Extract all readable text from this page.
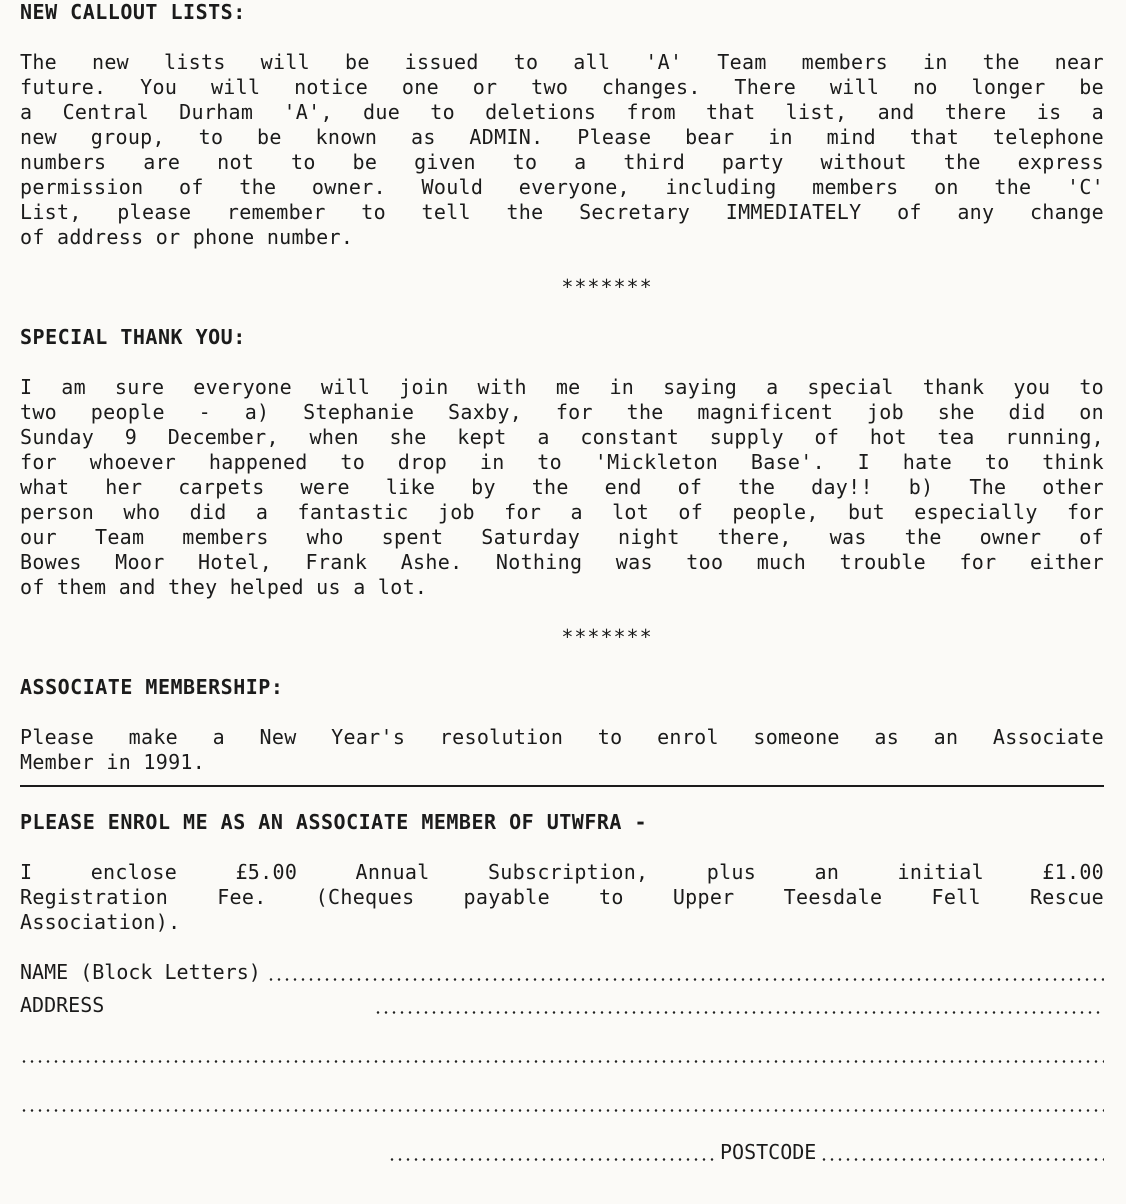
NEW CALLOUT LISTS:
The new lists will be issued to all 'A' Team members in the near
future. You will notice one or two changes. There will no longer be
a Central Durham 'A', due to deletions from that list, and there is a
new group, to be known as ADMIN. Please bear in mind that telephone
numbers are not to be given to a third party without the express
permission of the owner. Would everyone, including members on the 'C'
List, please remember to tell the Secretary IMMEDIATELY of any change
of address or phone number.
*******
SPECIAL THANK YOU:
I am sure everyone will join with me in saying a special thank you to
two people - a) Stephanie Saxby, for the magnificent job she did on
Sunday 9 December, when she kept a constant supply of hot tea running,
for whoever happened to drop in to 'Mickleton Base'. I hate to think
what her carpets were like by the end of the day!! b) The other
person who did a fantastic job for a lot of people, but especially for
our Team members who spent Saturday night there, was the owner of
Bowes Moor Hotel, Frank Ashe. Nothing was too much trouble for either
of them and they helped us a lot.
*******
ASSOCIATE MEMBERSHIP:
Please make a New Year's resolution to enrol someone as an Associate
Member in 1991.
PLEASE ENROL ME AS AN ASSOCIATE MEMBER OF UTWFRA -
I enclose £5.00 Annual Subscription, plus an initial £1.00
Registration Fee. (Cheques payable to Upper Teesdale Fell Rescue
Association).
NAME (Block Letters)
ADDRESS
POSTCODE
